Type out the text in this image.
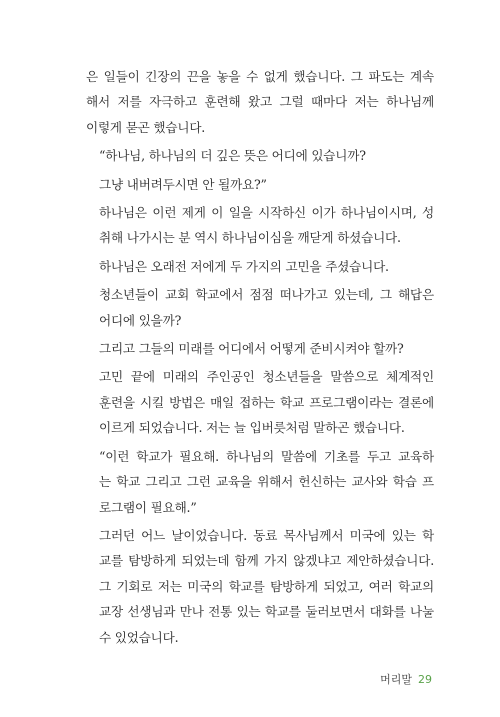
은 일들이 긴장의 끈을 놓을 수 없게 했습니다. 그 파도는 계속
해서 저를 자극하고 훈련해 왔고 그럴 때마다 저는 하나님께
이렇게 묻곤 했습니다.

“하나님, 하나님의 더 깊은 뜻은 어디에 있습니까?

그냥 내버려두시면 안 될까요?”

하나님은 이런 제게 이 일을 시작하신 이가 하나님이시며, 성
취해 나가시는 분 역시 하나님이심을 깨닫게 하셨습니다.

하나님은 오래전 저에게 두 가지의 고민을 주셨습니다.

청소년들이 교회 학교에서 점점 떠나가고 있는데, 그 해답은
어디에 있을까?

그리고 그들의 미래를 어디에서 어떻게 준비시켜야 할까?

고민 끝에 미래의 주인공인 청소년들을 말씀으로 체계적인
훈련을 시킬 방법은 매일 접하는 학교 프로그램이라는 결론에
이르게 되었습니다. 저는 늘 입버릇처럼 말하곤 했습니다.

“이런 학교가 필요해. 하나님의 말씀에 기초를 두고 교육하
는 학교 그리고 그런 교육을 위해서 헌신하는 교사와 학습 프
로그램이 필요해.”

그러던 어느 날이었습니다. 동료 목사님께서 미국에 있는 학
교를 탐방하게 되었는데 함께 가지 않겠냐고 제안하셨습니다.
그 기회로 저는 미국의 학교를 탐방하게 되었고, 여러 학교의
교장 선생님과 만나 전통 있는 학교를 둘러보면서 대화를 나눌
수 있었습니다.

머리말 29
